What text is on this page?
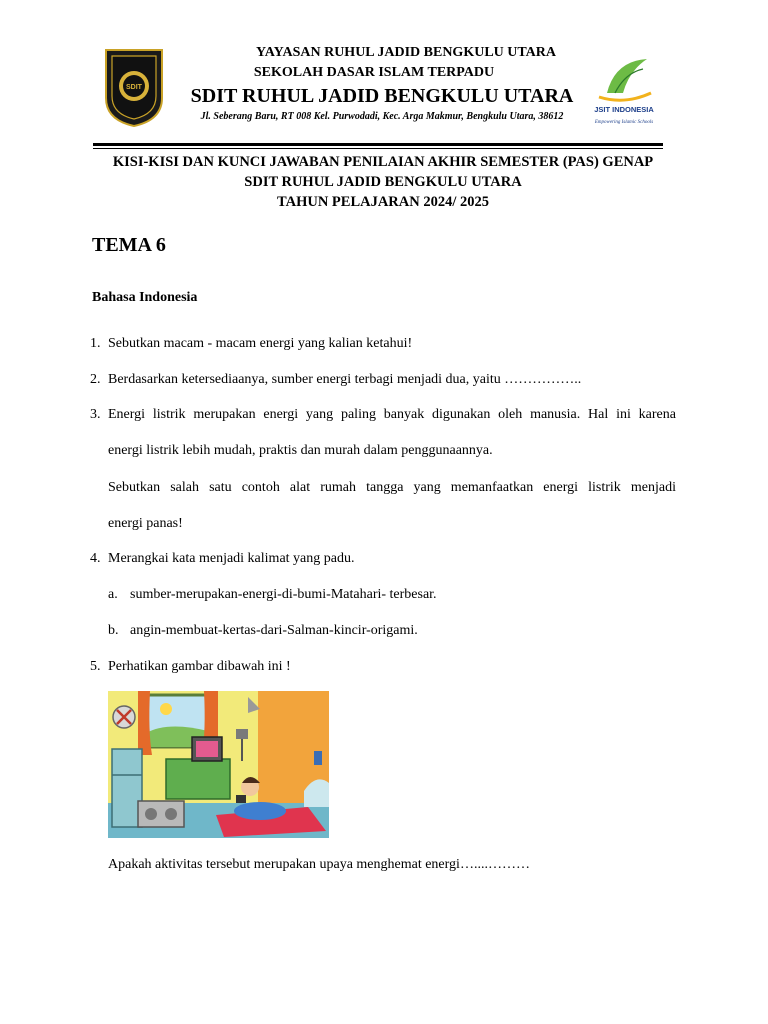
SDIT
JSIT INDONESIA
Empowering Islamic Schools
YAYASAN RUHUL JADID BENGKULU UTARA
SEKOLAH DASAR ISLAM TERPADU
SDIT RUHUL JADID BENGKULU UTARA
Jl. Seberang Baru, RT 008 Kel. Purwodadi, Kec. Arga Makmur, Bengkulu Utara, 38612
KISI-KISI DAN KUNCI JAWABAN PENILAIAN AKHIR SEMESTER (PAS) GENAP
SDIT RUHUL JADID BENGKULU UTARA
TAHUN PELAJARAN 2024/ 2025
TEMA 6
Bahasa Indonesia
1. Sebutkan macam - macam energi yang kalian ketahui!
2. Berdasarkan ketersediaanya, sumber energi terbagi menjadi dua, yaitu ……………..
3. Energi listrik merupakan energi yang paling banyak digunakan oleh manusia. Hal ini karena
energi listrik lebih mudah, praktis dan murah dalam penggunaannya.
Sebutkan salah satu contoh alat rumah tangga yang memanfaatkan energi listrik menjadi
energi panas!
4. Merangkai kata menjadi kalimat yang padu.
a. sumber-merupakan-energi-di-bumi-Matahari- terbesar.
b. angin-membuat-kertas-dari-Salman-kincir-origami.
5. Perhatikan gambar dibawah ini !
Apakah aktivitas tersebut merupakan upaya menghemat energi…....………
